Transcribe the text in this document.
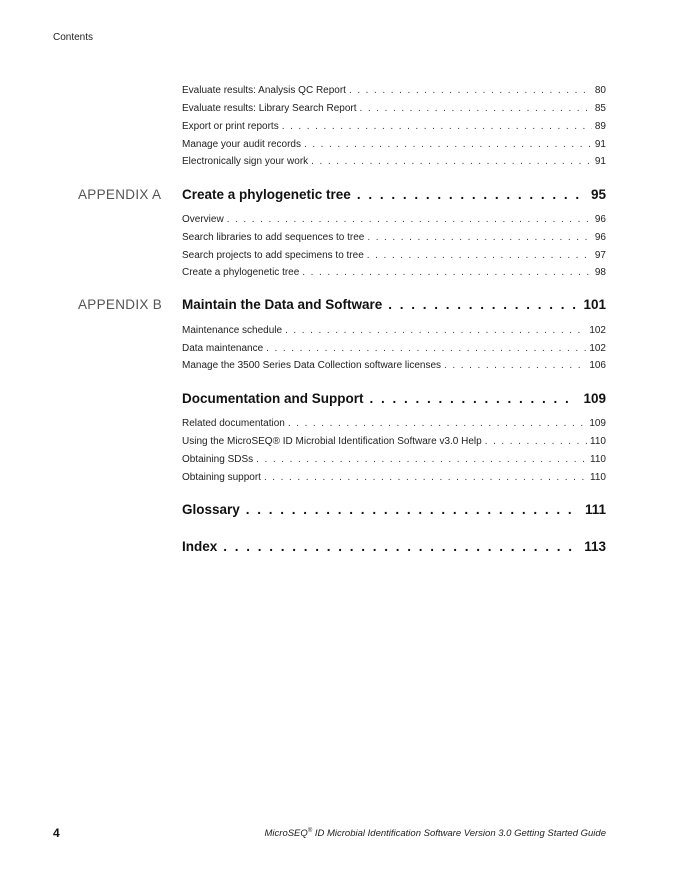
Contents
Evaluate results: Analysis QC Report . . .	80
Evaluate results: Library Search Report . . .	85
Export or print reports . . .	89
Manage your audit records . . .	91
Electronically sign your work . . .	91
APPENDIX A Create a phylogenetic tree . . .	95
Overview . . .	96
Search libraries to add sequences to tree . . .	96
Search projects to add specimens to tree . . .	97
Create a phylogenetic tree . . .	98
APPENDIX B Maintain the Data and Software . . .	101
Maintenance schedule . . .	102
Data maintenance . . .	102
Manage the 3500 Series Data Collection software licenses . . .	106
Documentation and Support . . .	109
Related documentation . . .	109
Using the MicroSEQ® ID Microbial Identification Software v3.0 Help . . .	110
Obtaining SDSs . . .	110
Obtaining support . . .	110
Glossary . . .	111
Index . . .	113
4	MicroSEQ® ID Microbial Identification Software Version 3.0 Getting Started Guide
